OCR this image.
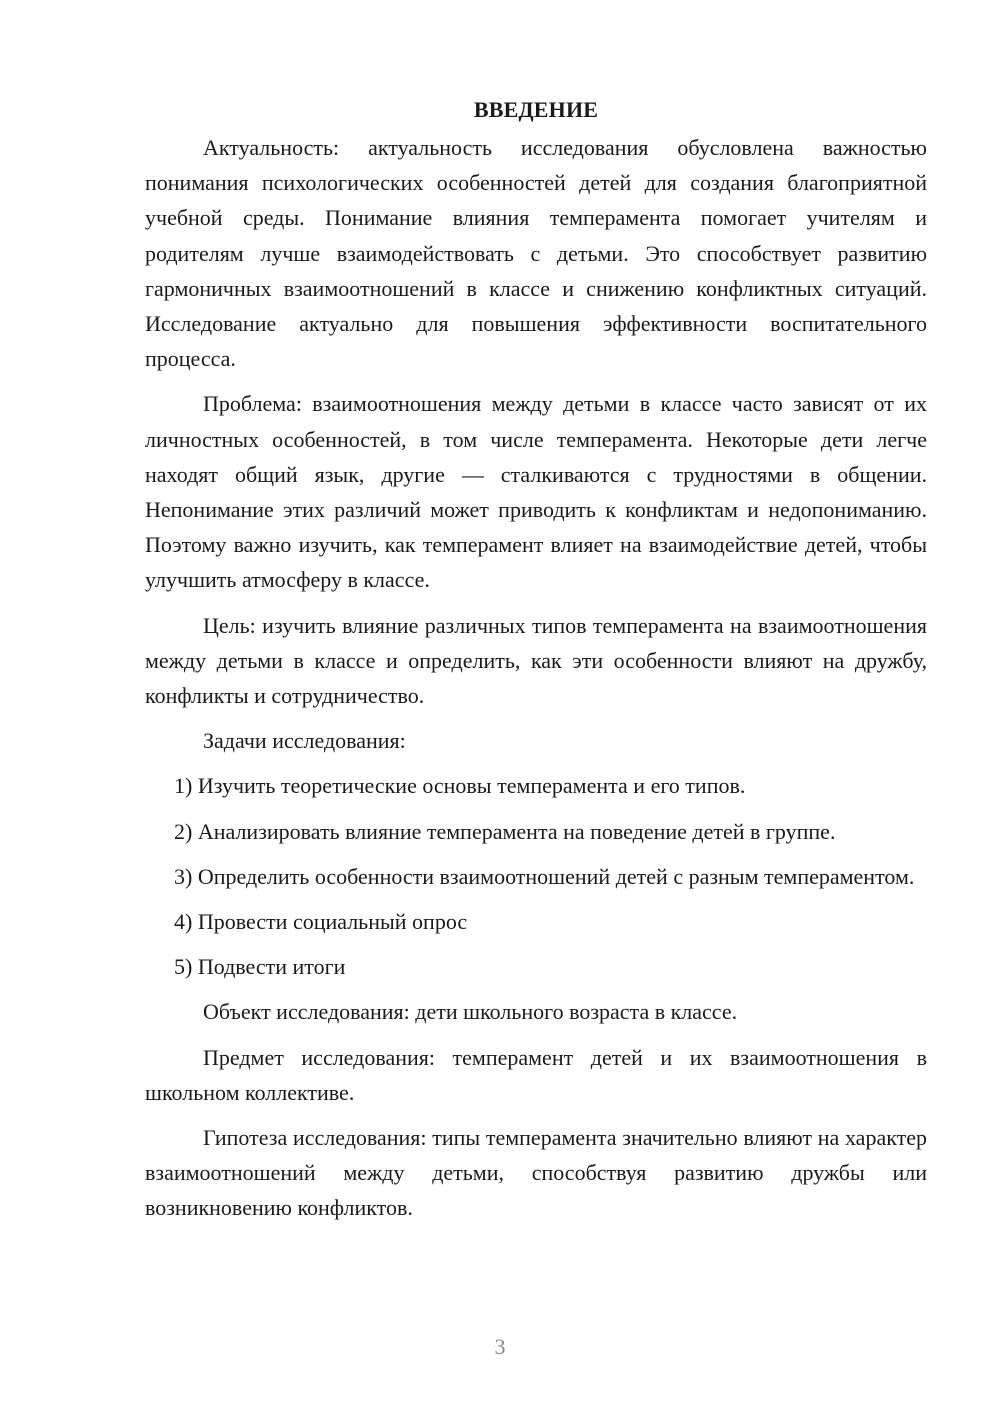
ВВЕДЕНИЕ

Актуальность: актуальность исследования обусловлена важностью понимания психологических особенностей детей для создания благоприятной учебной среды. Понимание влияния темперамента помогает учителям и родителям лучше взаимодействовать с детьми. Это способствует развитию гармоничных взаимоотношений в классе и снижению конфликтных ситуаций. Исследование актуально для повышения эффективности воспитательного процесса.

Проблема: взаимоотношения между детьми в классе часто зависят от их личностных особенностей, в том числе темперамента. Некоторые дети легче находят общий язык, другие — сталкиваются с трудностями в общении. Непонимание этих различий может приводить к конфликтам и недопониманию. Поэтому важно изучить, как темперамент влияет на взаимодействие детей, чтобы улучшить атмосферу в классе.

Цель: изучить влияние различных типов темперамента на взаимоотношения между детьми в классе и определить, как эти особенности влияют на дружбу, конфликты и сотрудничество.

Задачи исследования:

1) Изучить теоретические основы темперамента и его типов.

2) Анализировать влияние темперамента на поведение детей в группе.

3) Определить особенности взаимоотношений детей с разным темпераментом.

4) Провести социальный опрос

5) Подвести итоги

Объект исследования: дети школьного возраста в классе.

Предмет исследования: темперамент детей и их взаимоотношения в школьном коллективе.

Гипотеза исследования: типы темперамента значительно влияют на характер взаимоотношений между детьми, способствуя развитию дружбы или возникновению конфликтов.

3
